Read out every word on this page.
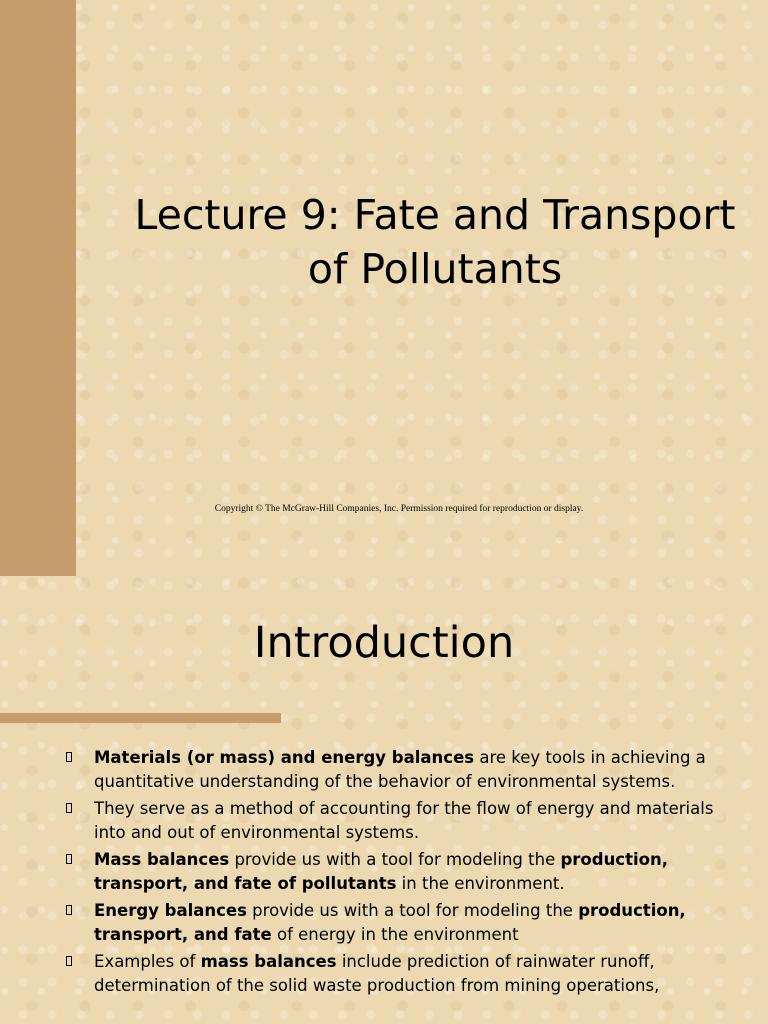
Lecture 9: Fate and Transport
of Pollutants

Copyright © The McGraw-Hill Companies, Inc. Permission required for reproduction or display.

Introduction
Materials (or mass) and energy balances are key tools in achieving a quantitative understanding of the behavior of environmental systems.
They serve as a method of accounting for the flow of energy and materials into and out of environmental systems.
Mass balances provide us with a tool for modeling the production, transport, and fate of pollutants in the environment.
Energy balances provide us with a tool for modeling the production, transport, and fate of energy in the environment
Examples of mass balances include prediction of rainwater runoff, determination of the solid waste production from mining operations,
